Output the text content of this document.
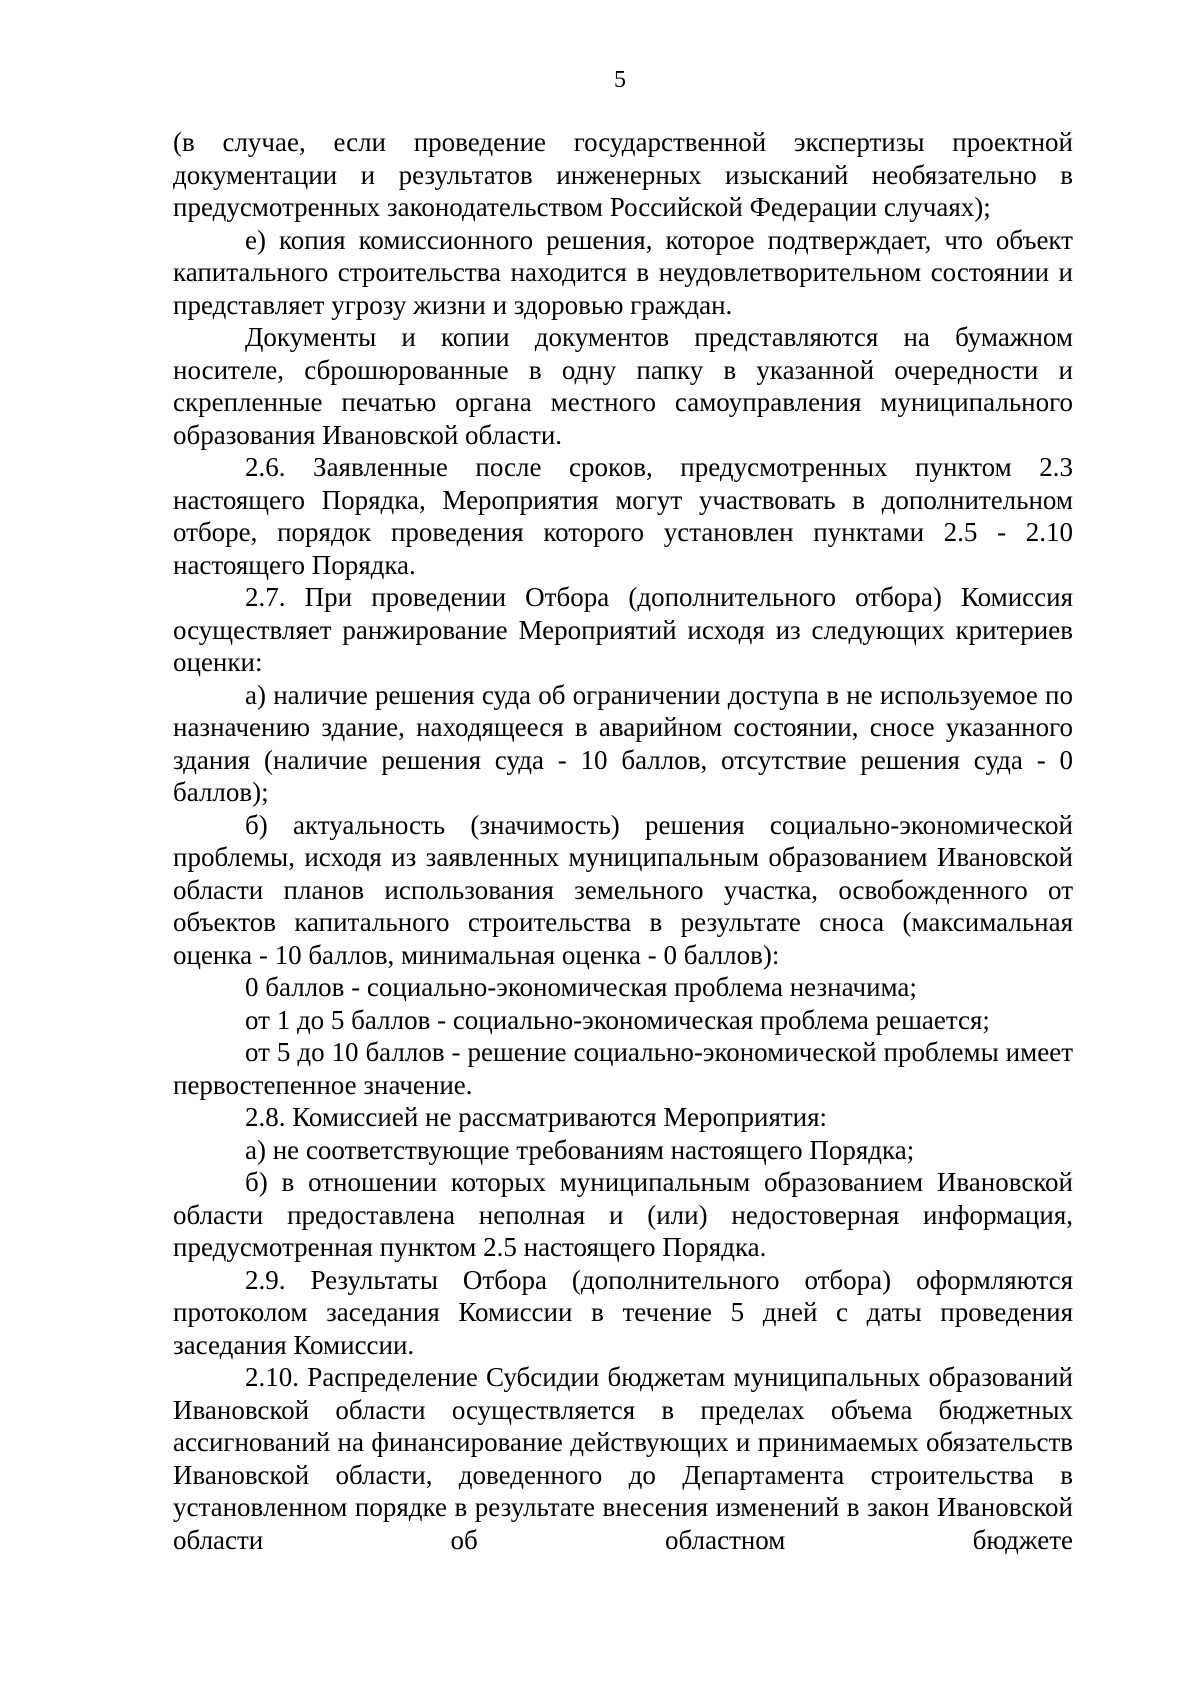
5

(в случае, если проведение государственной экспертизы проектной документации и результатов инженерных изысканий необязательно в предусмотренных законодательством Российской Федерации случаях);

е) копия комиссионного решения, которое подтверждает, что объект капитального строительства находится в неудовлетворительном состоянии и представляет угрозу жизни и здоровью граждан.

Документы и копии документов представляются на бумажном носителе, сброшюрованные в одну папку в указанной очередности и скрепленные печатью органа местного самоуправления муниципального образования Ивановской области.

2.6. Заявленные после сроков, предусмотренных пунктом 2.3 настоящего Порядка, Мероприятия могут участвовать в дополнительном отборе, порядок проведения которого установлен пунктами 2.5 - 2.10 настоящего Порядка.

2.7. При проведении Отбора (дополнительного отбора) Комиссия осуществляет ранжирование Мероприятий исходя из следующих критериев оценки:

а) наличие решения суда об ограничении доступа в не используемое по назначению здание, находящееся в аварийном состоянии, сносе указанного здания (наличие решения суда - 10 баллов, отсутствие решения суда - 0 баллов);

б) актуальность (значимость) решения социально-экономической проблемы, исходя из заявленных муниципальным образованием Ивановской области планов использования земельного участка, освобожденного от объектов капитального строительства в результате сноса (максимальная оценка - 10 баллов, минимальная оценка - 0 баллов):

0 баллов - социально-экономическая проблема незначима;

от 1 до 5 баллов - социально-экономическая проблема решается;

от 5 до 10 баллов - решение социально-экономической проблемы имеет первостепенное значение.

2.8. Комиссией не рассматриваются Мероприятия:

а) не соответствующие требованиям настоящего Порядка;

б) в отношении которых муниципальным образованием Ивановской области предоставлена неполная и (или) недостоверная информация, предусмотренная пунктом 2.5 настоящего Порядка.

2.9. Результаты Отбора (дополнительного отбора) оформляются протоколом заседания Комиссии в течение 5 дней с даты проведения заседания Комиссии.

2.10. Распределение Субсидии бюджетам муниципальных образований Ивановской области осуществляется в пределах объема бюджетных ассигнований на финансирование действующих и принимаемых обязательств Ивановской области, доведенного до Департамента строительства в установленном порядке в результате внесения изменений в закон Ивановской области об областном бюджете
